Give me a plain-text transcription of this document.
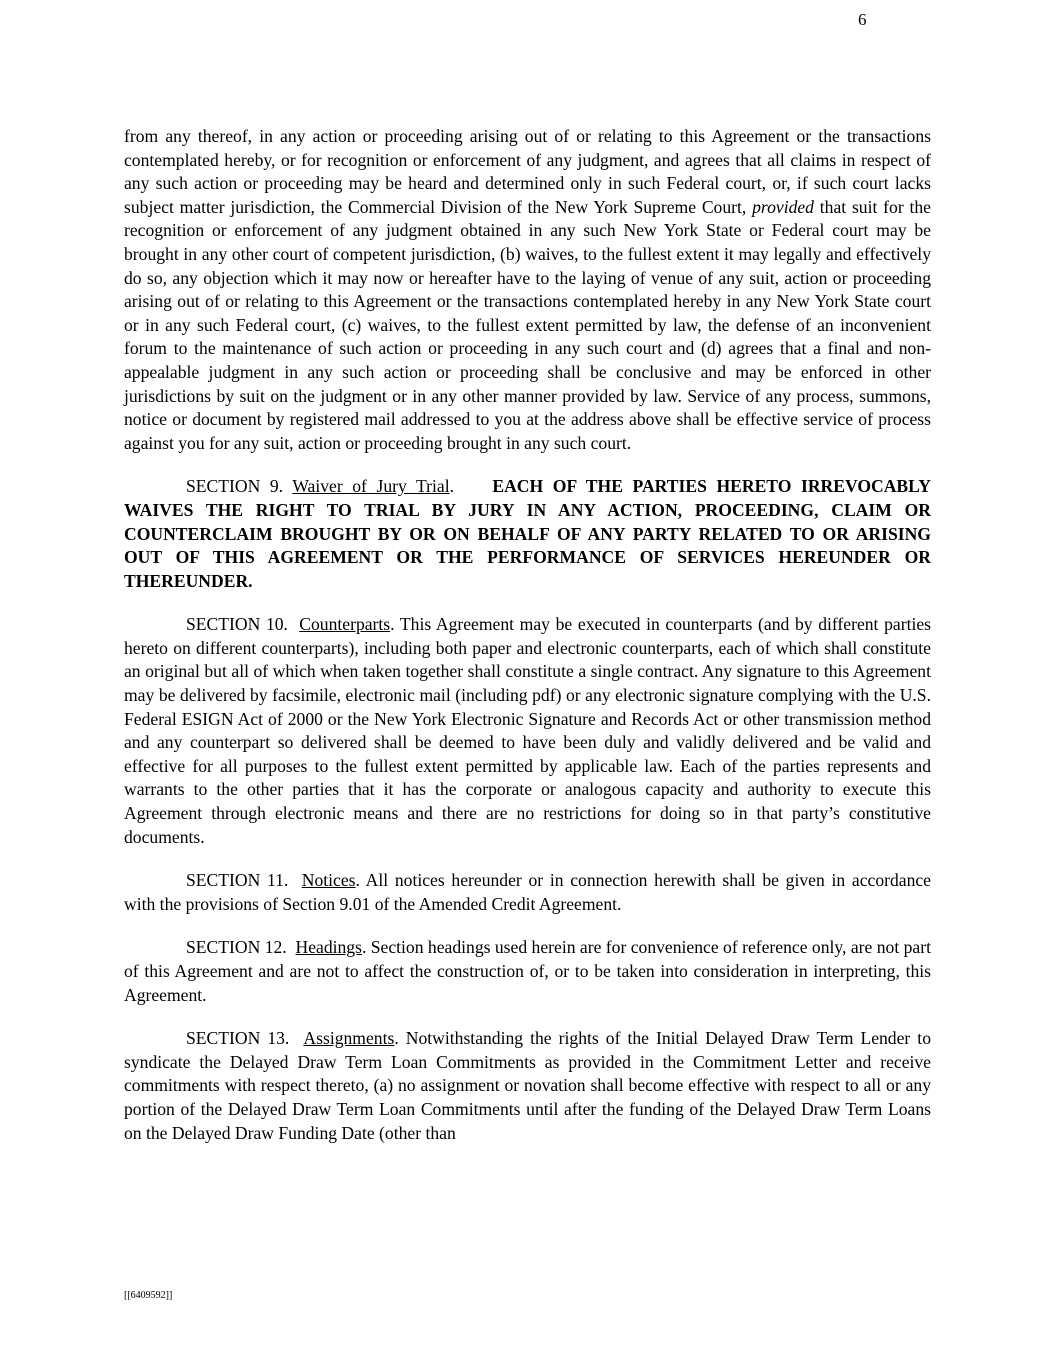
6

from any thereof, in any action or proceeding arising out of or relating to this Agreement or the transactions contemplated hereby, or for recognition or enforcement of any judgment, and agrees that all claims in respect of any such action or proceeding may be heard and determined only in such Federal court, or, if such court lacks subject matter jurisdiction, the Commercial Division of the New York Supreme Court, provided that suit for the recognition or enforcement of any judgment obtained in any such New York State or Federal court may be brought in any other court of competent jurisdiction, (b) waives, to the fullest extent it may legally and effectively do so, any objection which it may now or hereafter have to the laying of venue of any suit, action or proceeding arising out of or relating to this Agreement or the transactions contemplated hereby in any New York State court or in any such Federal court, (c) waives, to the fullest extent permitted by law, the defense of an inconvenient forum to the maintenance of such action or proceeding in any such court and (d) agrees that a final and non-appealable judgment in any such action or proceeding shall be conclusive and may be enforced in other jurisdictions by suit on the judgment or in any other manner provided by law. Service of any process, summons, notice or document by registered mail addressed to you at the address above shall be effective service of process against you for any suit, action or proceeding brought in any such court.

SECTION 9. Waiver of Jury Trial. EACH OF THE PARTIES HERETO IRREVOCABLY WAIVES THE RIGHT TO TRIAL BY JURY IN ANY ACTION, PROCEEDING, CLAIM OR COUNTERCLAIM BROUGHT BY OR ON BEHALF OF ANY PARTY RELATED TO OR ARISING OUT OF THIS AGREEMENT OR THE PERFORMANCE OF SERVICES HEREUNDER OR THEREUNDER.

SECTION 10. Counterparts. This Agreement may be executed in counterparts (and by different parties hereto on different counterparts), including both paper and electronic counterparts, each of which shall constitute an original but all of which when taken together shall constitute a single contract. Any signature to this Agreement may be delivered by facsimile, electronic mail (including pdf) or any electronic signature complying with the U.S. Federal ESIGN Act of 2000 or the New York Electronic Signature and Records Act or other transmission method and any counterpart so delivered shall be deemed to have been duly and validly delivered and be valid and effective for all purposes to the fullest extent permitted by applicable law. Each of the parties represents and warrants to the other parties that it has the corporate or analogous capacity and authority to execute this Agreement through electronic means and there are no restrictions for doing so in that party’s constitutive documents.

SECTION 11. Notices. All notices hereunder or in connection herewith shall be given in accordance with the provisions of Section 9.01 of the Amended Credit Agreement.

SECTION 12. Headings. Section headings used herein are for convenience of reference only, are not part of this Agreement and are not to affect the construction of, or to be taken into consideration in interpreting, this Agreement.

SECTION 13. Assignments. Notwithstanding the rights of the Initial Delayed Draw Term Lender to syndicate the Delayed Draw Term Loan Commitments as provided in the Commitment Letter and receive commitments with respect thereto, (a) no assignment or novation shall become effective with respect to all or any portion of the Delayed Draw Term Loan Commitments until after the funding of the Delayed Draw Term Loans on the Delayed Draw Funding Date (other than

[[6409592]]
